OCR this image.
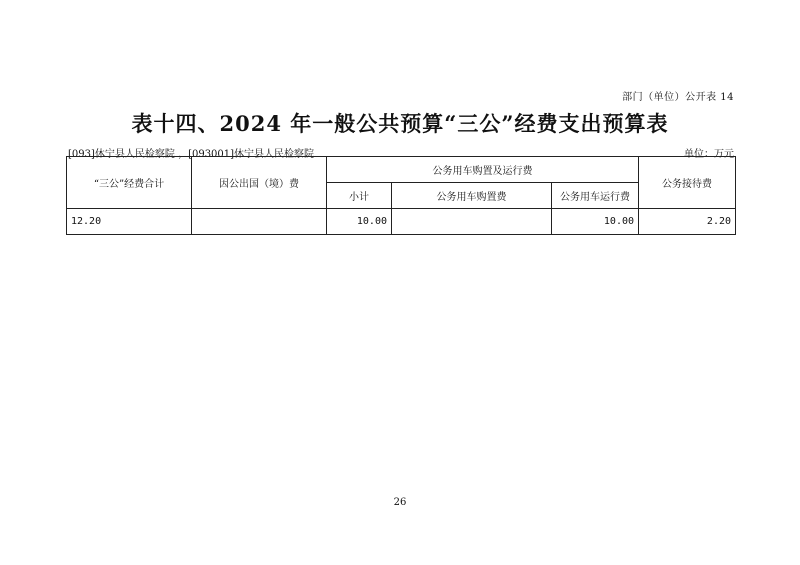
部门（单位）公开表 14
表十四、2024 年一般公共预算“三公”经费支出预算表
[093]休宁县人民检察院 ，[093001]休宁县人民检察院	单位：万元
“三公”经费合计	因公出国（境）费	公务用车购置及运行费			公务接待费
		小计	公务用车购置费	公务用车运行费	
12.20		10.00		10.00	2.20
26
